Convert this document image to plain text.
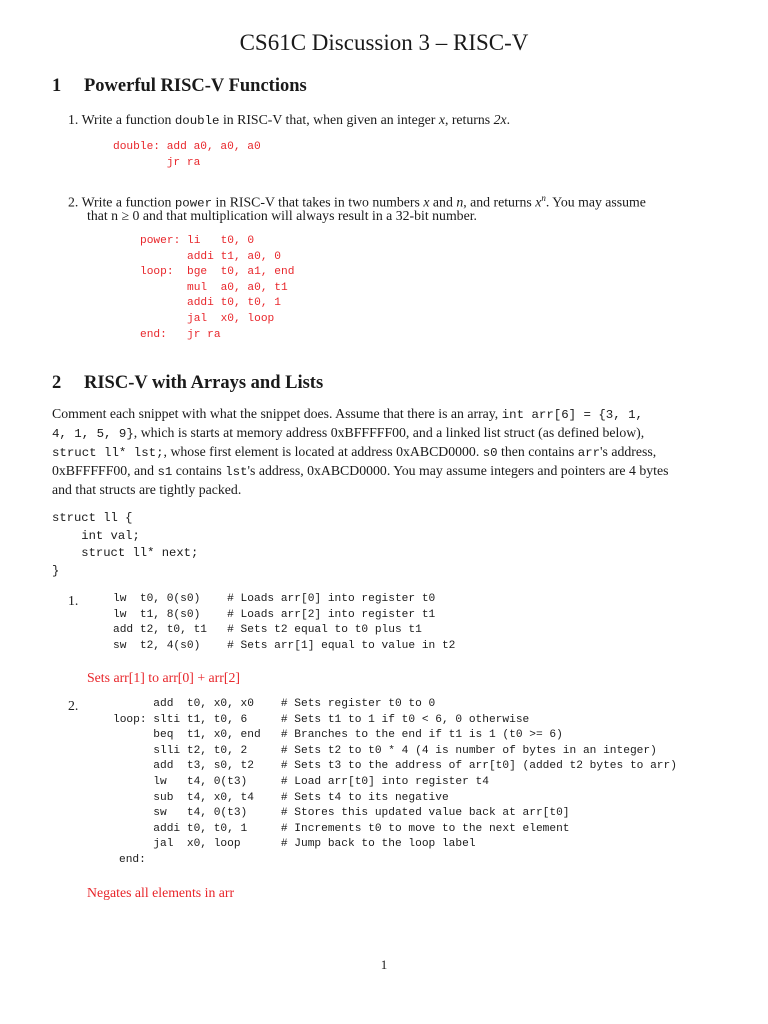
CS61C Discussion 3 – RISC-V
1 Powerful RISC-V Functions
1. Write a function double in RISC-V that, when given an integer x, returns 2x.
double: add a0, a0, a0
jr ra
2. Write a function power in RISC-V that takes in two numbers x and n, and returns $x^n$. You may assume
that n ≥ 0 and that multiplication will always result in a 32-bit number.
power: li   t0, 0
addi t1, a0, 0
loop:  bge  t0, a1, end
mul  a0, a0, t1
addi t0, t0, 1
jal  x0, loop
end:   jr ra
2 RISC-V with Arrays and Lists
Comment each snippet with what the snippet does. Assume that there is an array, int arr[6] = {3, 1,
4, 1, 5, 9}, which is starts at memory address 0xBFFFFF00, and a linked list struct (as defined below),
struct ll* lst;, whose first element is located at address 0xABCD0000. s0 then contains arr's address,
0xBFFFFF00, and s1 contains lst's address, 0xABCD0000. You may assume integers and pointers are 4 bytes
and that structs are tightly packed.
struct ll {
int val;
struct ll* next;
}
1.	lw  t0, 0(s0)    # Loads arr[0] into register t0
lw  t1, 8(s0)    # Loads arr[2] into register t1
add t2, t0, t1   # Sets t2 equal to t0 plus t1
sw  t2, 4(s0)    # Sets arr[1] equal to value in t2
Sets arr[1] to arr[0] + arr[2]
2.	add  t0, x0, x0    # Sets register t0 to 0
loop: slti t1, t0, 6     # Sets t1 to 1 if t0 < 6, 0 otherwise
beq  t1, x0, end   # Branches to the end if t1 is 1 (t0 >= 6)
slli t2, t0, 2     # Sets t2 to t0 * 4 (4 is number of bytes in an integer)
add  t3, s0, t2    # Sets t3 to the address of arr[t0] (added t2 bytes to arr)
lw   t4, 0(t3)     # Load arr[t0] into register t4
sub  t4, x0, t4    # Sets t4 to its negative
sw   t4, 0(t3)     # Stores this updated value back at arr[t0]
addi t0, t0, 1     # Increments t0 to move to the next element
jal  x0, loop      # Jump back to the loop label
end:
Negates all elements in arr
1
